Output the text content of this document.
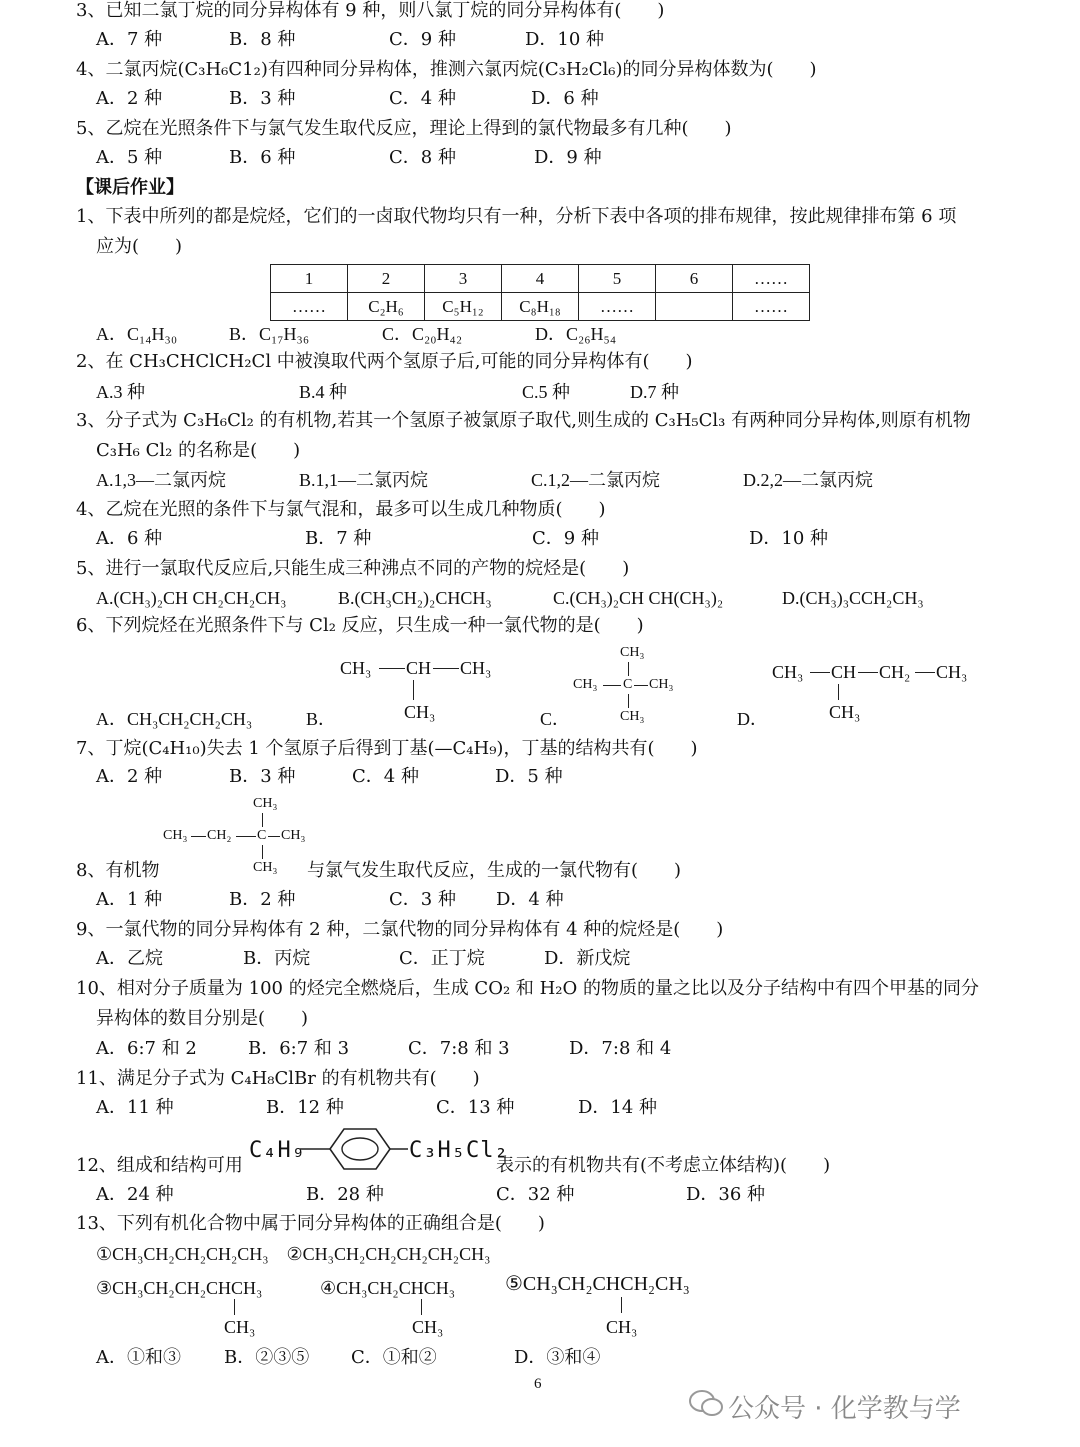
3、已知二氯丁烷的同分异构体有 9 种，则八氯丁烷的同分异构体有(　　)
A．7 种	B．8 种	C．9 种	D．10 种
4、二氯丙烷(C₃H₆C1₂)有四种同分异构体，推测六氯丙烷(C₃H₂Cl₆)的同分异构体数为(　　)
A．2 种	B．3 种	C．4 种	D．6 种
5、乙烷在光照条件下与氯气发生取代反应，理论上得到的氯代物最多有几种(　　)
A．5 种	B．6 种	C．8 种	D．9 种
【课后作业】
1、下表中所列的都是烷烃，它们的一卤取代物均只有一种，分析下表中各项的排布规律，按此规律排布第 6 项
应为(　　)
1	2	3	4	5	6	……
……	C₂H₆	C₅H₁₂	C₈H₁₈	……		……
A．C₁₄H₃₀	B．C₁₇H₃₆	C．C₂₀H₄₂	D．C₂₆H₅₄
2、在 CH₃CHClCH₂Cl 中被溴取代两个氢原子后,可能的同分异构体有(　　)
A.3 种	B.4 种	C.5 种	D.7 种
3、分子式为 C₃H₆Cl₂ 的有机物,若其一个氢原子被氯原子取代,则生成的 C₃H₅Cl₃ 有两种同分异构体,则原有机物
C₃H₆ Cl₂ 的名称是(　　)
A.1,3—二氯丙烷	B.1,1—二氯丙烷	C.1,2—二氯丙烷	D.2,2—二氯丙烷
4、乙烷在光照的条件下与氯气混和，最多可以生成几种物质(　　)
A．6 种	B．7 种	C．9 种	D．10 种
5、进行一氯取代反应后,只能生成三种沸点不同的产物的烷烃是(　　)
A.(CH₃)₂CH CH₂CH₂CH₃	B.(CH₃CH₂)₂CHCH₃	C.(CH₃)₂CH CH(CH₃)₂	D.(CH₃)₃CCH₂CH₃
6、下列烷烃在光照条件下与 Cl₂ 反应，只生成一种一氯代物的是(　　)
A．CH₃CH₂CH₂CH₃	B．	C．	D．
CH₃ CH CH₃
CH₃
CH₃
CH₃ C CH₃
CH₃
CH₃ CH CH₂ CH₃
CH₃
7、丁烷(C₄H₁₀)失去 1 个氢原子后得到丁基(—C₄H₉)，丁基的结构共有(　　)
A．2 种	B．3 种	C．4 种	D．5 种
CH₃
CH₃ CH₂ C CH₃
CH₃
8、有机物	与氯气发生取代反应，生成的一氯代物有(　　)
A．1 种	B．2 种	C．3 种 D．4 种
9、一氯代物的同分异构体有 2 种，二氯代物的同分异构体有 4 种的烷烃是(　　)
A．乙烷	B．丙烷	C．正丁烷	D．新戊烷
10、相对分子质量为 100 的烃完全燃烧后，生成 CO₂ 和 H₂O 的物质的量之比以及分子结构中有四个甲基的同分
异构体的数目分别是(　　)
A．6:7 和 2	B．6:7 和 3	C．7:8 和 3	D．7:8 和 4
11、满足分子式为 C₄H₈ClBr 的有机物共有(　　)
A．11 种	B．12 种	C．13 种	D．14 种
12、组成和结构可用
C₄H₉	C₃H₅Cl₂
表示的有机物共有(不考虑立体结构)(　　)
A．24 种	B．28 种	C．32 种	D．36 种
13、下列有机化合物中属于同分异构体的正确组合是(　　)
①CH₃CH₂CH₂CH₂CH₃　②CH₃CH₂CH₂CH₂CH₂CH₃
③CH₃CH₂CH₂CHCH₃
CH₃
④CH₃CH₂CHCH₃
CH₃
⑤CH₃CH₂CHCH₂CH₃
CH₃
A．①和③ B．②③⑤ C．①和②	D．③和④
6
公众号 · 化学教与学
